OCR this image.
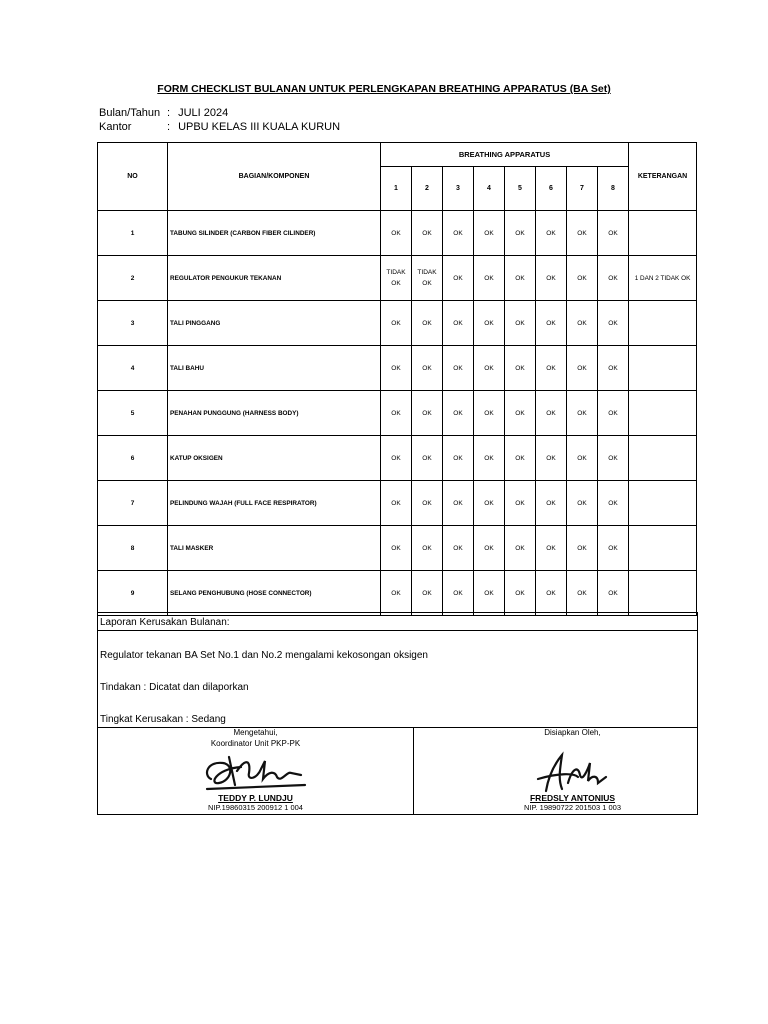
FORM CHECKLIST BULANAN UNTUK PERLENGKAPAN BREATHING APPARATUS (BA Set)
Bulan/Tahun : JULI 2024
Kantor	: UPBU KELAS III KUALA KURUN
NO	BAGIAN/KOMPONEN	BREATHING APPARATUS								KETERANGAN
		1	2	3	4	5	6	7	8	
1	TABUNG SILINDER (CARBON FIBER CILINDER)	OK	OK	OK	OK	OK	OK	OK	OK	
2	REGULATOR PENGUKUR TEKANAN	TIDAK OK	TIDAK OK	OK	OK	OK	OK	OK	OK	1 DAN 2 TIDAK OK
3	TALI PINGGANG	OK	OK	OK	OK	OK	OK	OK	OK	
4	TALI BAHU	OK	OK	OK	OK	OK	OK	OK	OK	
5	PENAHAN PUNGGUNG (HARNESS BODY)	OK	OK	OK	OK	OK	OK	OK	OK	
6	KATUP OKSIGEN	OK	OK	OK	OK	OK	OK	OK	OK	
7	PELINDUNG WAJAH (FULL FACE RESPIRATOR)	OK	OK	OK	OK	OK	OK	OK	OK	
8	TALI MASKER	OK	OK	OK	OK	OK	OK	OK	OK	
9	SELANG PENGHUBUNG (HOSE CONNECTOR)	OK	OK	OK	OK	OK	OK	OK	OK	
Laporan Kerusakan Bulanan:
Regulator tekanan BA Set No.1 dan No.2 mengalami kekosongan oksigen
Tindakan : Dicatat dan dilaporkan
Tingkat Kerusakan : Sedang
Mengetahui,
Koordinator Unit PKP-PK
TEDDY P. LUNDJU
NIP.19860315 200912 1 004
Disiapkan Oleh,
FREDSLY ANTONIUS
NIP. 19890722 201503 1 003
